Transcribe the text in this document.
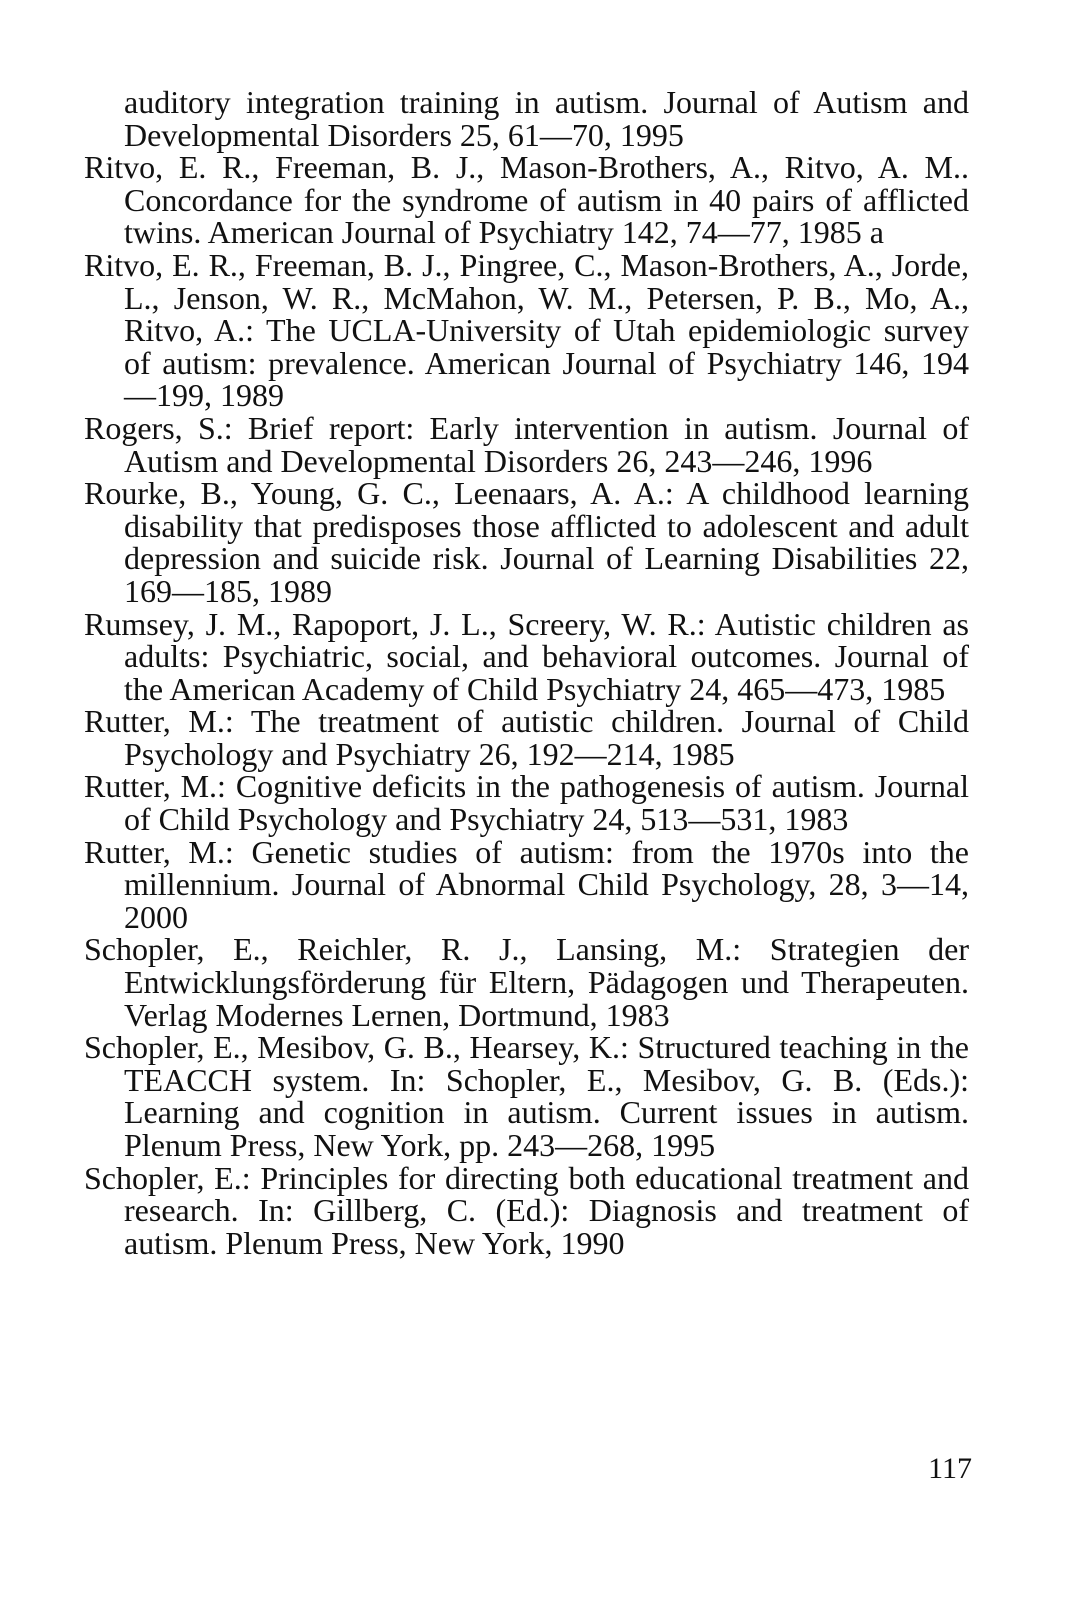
auditory integration training in autism. Journal of Autism and Developmental Disorders 25, 61—70, 1995
Ritvo, E. R., Freeman, B. J., Mason-Brothers, A., Ritvo, A. M.. Concordance for the syndrome of autism in 40 pairs of afflicted twins. American Journal of Psychiatry 142, 74—77, 1985 a
Ritvo, E. R., Freeman, B. J., Pingree, C., Mason-Brothers, A., Jorde, L., Jenson, W. R., McMahon, W. M., Petersen, P. B., Mo, A., Ritvo, A.: The UCLA-University of Utah epidemiologic survey of autism: prevalence. American Journal of Psychiatry 146, 194—199, 1989
Rogers, S.: Brief report: Early intervention in autism. Journal of Autism and Developmental Disorders 26, 243—246, 1996
Rourke, B., Young, G. C., Leenaars, A. A.: A childhood learning disability that predisposes those afflicted to adolescent and adult depression and suicide risk. Journal of Learning Disabilities 22, 169—185, 1989
Rumsey, J. M., Rapoport, J. L., Screery, W. R.: Autistic children as adults: Psychiatric, social, and behavioral outcomes. Journal of the American Academy of Child Psychiatry 24, 465—473, 1985
Rutter, M.: The treatment of autistic children. Journal of Child Psychology and Psychiatry 26, 192—214, 1985
Rutter, M.: Cognitive deficits in the pathogenesis of autism. Journal of Child Psychology and Psychiatry 24, 513—531, 1983
Rutter, M.: Genetic studies of autism: from the 1970s into the millennium. Journal of Abnormal Child Psychology, 28, 3—14, 2000
Schopler, E., Reichler, R. J., Lansing, M.: Strategien der Entwicklungsförderung für Eltern, Pädagogen und Therapeuten. Verlag Modernes Lernen, Dortmund, 1983
Schopler, E., Mesibov, G. B., Hearsey, K.: Structured teaching in the TEACCH system. In: Schopler, E., Mesibov, G. B. (Eds.): Learning and cognition in autism. Current issues in autism. Plenum Press, New York, pp. 243—268, 1995
Schopler, E.: Principles for directing both educational treatment and research. In: Gillberg, C. (Ed.): Diagnosis and treatment of autism. Plenum Press, New York, 1990
117
